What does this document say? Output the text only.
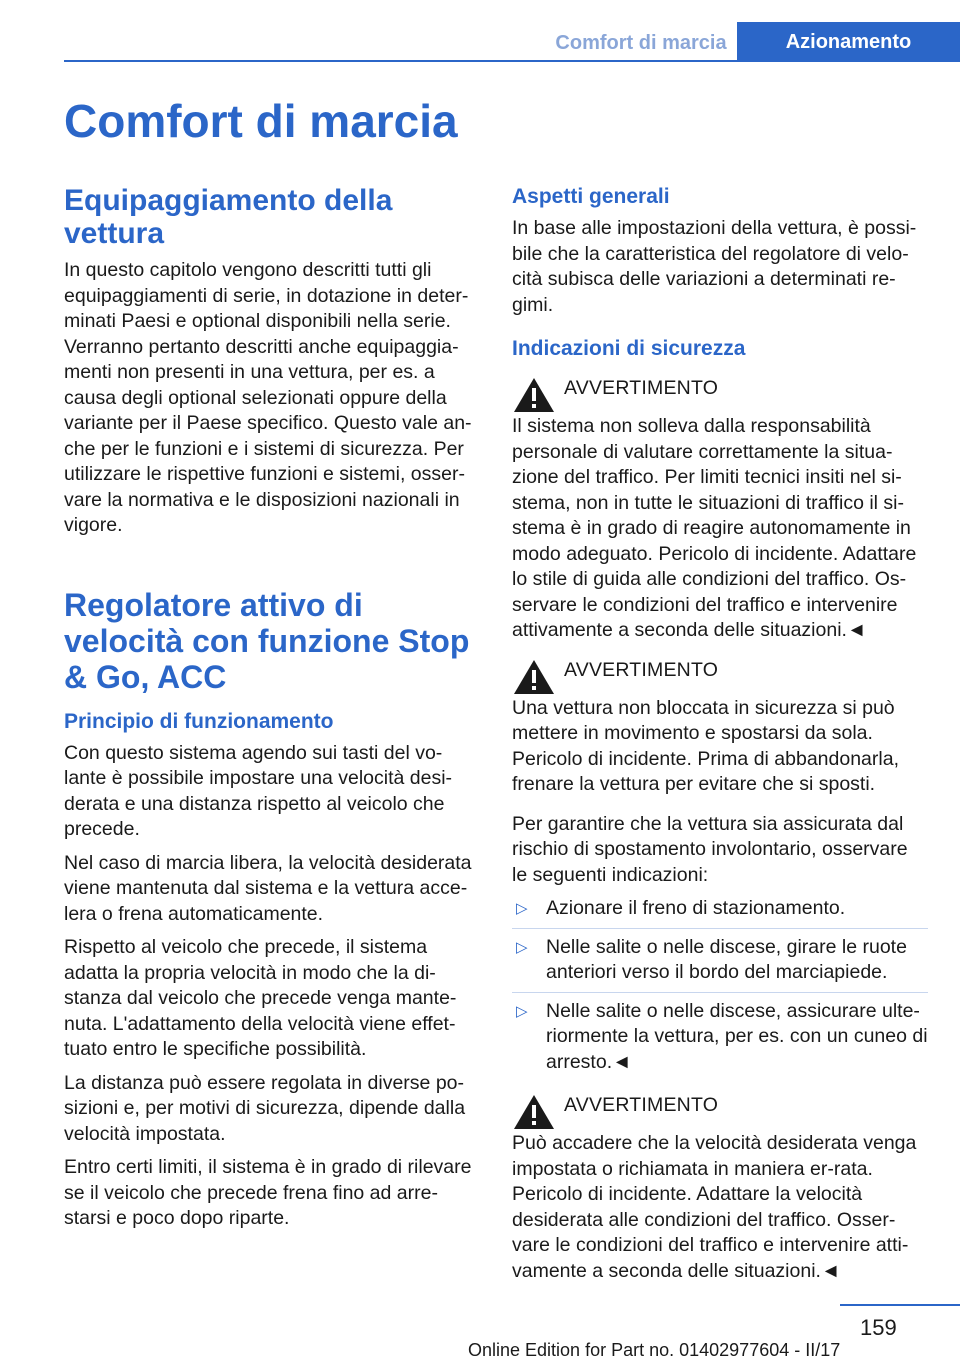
Comfort di marcia	Azionamento
Comfort di marcia
Equipaggiamento della vettura

In questo capitolo vengono descritti tutti gli equipaggiamenti di serie, in dotazione in deter-minati Paesi e optional disponibili nella serie. Verranno pertanto descritti anche equipaggia-menti non presenti in una vettura, per es. a causa degli optional selezionati oppure della variante per il Paese specifico. Questo vale an-che per le funzioni e i sistemi di sicurezza. Per utilizzare le rispettive funzioni e sistemi, osser-vare la normativa e le disposizioni nazionali in vigore.

Regolatore attivo di velocità con funzione Stop & Go, ACC
Principio di funzionamento

Con questo sistema agendo sui tasti del vo-lante è possibile impostare una velocità desi-derata e una distanza rispetto al veicolo che precede.

Nel caso di marcia libera, la velocità desiderata viene mantenuta dal sistema e la vettura acce-lera o frena automaticamente.

Rispetto al veicolo che precede, il sistema adatta la propria velocità in modo che la di-stanza dal veicolo che precede venga mante-nuta. L'adattamento della velocità viene effet-tuato entro le specifiche possibilità.

La distanza può essere regolata in diverse po-sizioni e, per motivi di sicurezza, dipende dalla velocità impostata.

Entro certi limiti, il sistema è in grado di rilevare se il veicolo che precede frena fino ad arre-starsi e poco dopo riparte.

Aspetti generali

In base alle impostazioni della vettura, è possi-bile che la caratteristica del regolatore di velo-cità subisca delle variazioni a determinati re-gimi.

Indicazioni di sicurezza
AVVERTIMENTO

Il sistema non solleva dalla responsabilità personale di valutare correttamente la situa-zione del traffico. Per limiti tecnici insiti nel si-stema, non in tutte le situazioni di traffico il si-stema è in grado di reagire autonomamente in modo adeguato. Pericolo di incidente. Adattare lo stile di guida alle condizioni del traffico. Os-servare le condizioni del traffico e intervenire attivamente a seconda delle situazioni.◄

AVVERTIMENTO

Una vettura non bloccata in sicurezza si può mettere in movimento e spostarsi da sola. Pericolo di incidente. Prima di abbandonarla, frenare la vettura per evitare che si sposti.

Per garantire che la vettura sia assicurata dal rischio di spostamento involontario, osservare le seguenti indicazioni:

▷ Azionare il freno di stazionamento.
▷ Nelle salite o nelle discese, girare le ruote anteriori verso il bordo del marciapiede.
▷ Nelle salite o nelle discese, assicurare ulte-riormente la vettura, per es. con un cuneo di arresto.◄
AVVERTIMENTO

Può accadere che la velocità desiderata venga impostata o richiamata in maniera er-rata. Pericolo di incidente. Adattare la velocità desiderata alle condizioni del traffico. Osser-vare le condizioni del traffico e intervenire atti-vamente a seconda delle situazioni.◄

159
Online Edition for Part no. 01402977604 - II/17
